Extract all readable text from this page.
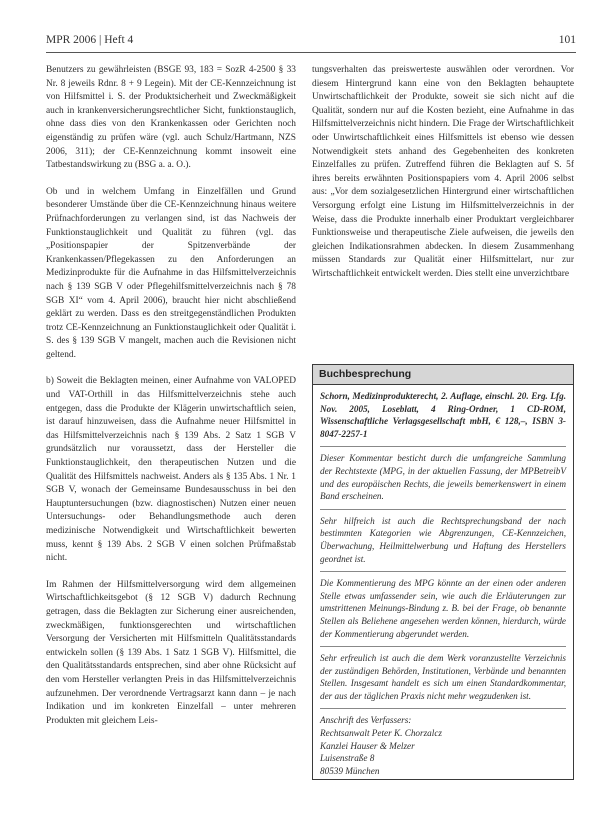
MPR 2006 | Heft 4	101

Benutzers zu gewährleisten (BSGE 93, 183 = SozR 4-2500 § 33 Nr. 8 jeweils Rdnr. 8 + 9 Legein). Mit der CE-Kennzeichnung ist von Hilfsmittel i. S. der Produktsicherheit und Zweckmäßigkeit auch in krankenversicherungsrechtlicher Sicht, funktionstauglich, ohne dass dies von den Krankenkassen oder Gerichten noch eigenständig zu prüfen wäre (vgl. auch Schulz/Hartmann, NZS 2006, 311); der CE-Kennzeichnung kommt insoweit eine Tatbestandswirkung zu (BSG a. a. O.).

Ob und in welchem Umfang in Einzelfällen und Grund besonderer Umstände über die CE-Kennzeichnung hinaus weitere Prüfnachforderungen zu verlangen sind, ist das Nachweis der Funktionstauglichkeit und Qualität zu führen (vgl. das „Positionspapier der Spitzenverbände der Krankenkassen/Pflegekassen zu den Anforderungen an Medizinprodukte für die Aufnahme in das Hilfsmittelverzeichnis nach § 139 SGB V oder Pflegehilfsmittelverzeichnis nach § 78 SGB XI“ vom 4. April 2006), braucht hier nicht abschließend geklärt zu werden. Dass es den streitgegenständlichen Produkten trotz CE-Kennzeichnung an Funktionstauglichkeit oder Qualität i. S. des § 139 SGB V mangelt, machen auch die Revisionen nicht geltend.

b) Soweit die Beklagten meinen, einer Aufnahme von VALOPED und VAT-Orthill in das Hilfsmittelverzeichnis stehe auch entgegen, dass die Produkte der Klägerin unwirtschaftlich seien, ist darauf hinzuweisen, dass die Aufnahme neuer Hilfsmittel in das Hilfsmittelverzeichnis nach § 139 Abs. 2 Satz 1 SGB V grundsätzlich nur voraussetzt, dass der Hersteller die Funktionstauglichkeit, den therapeutischen Nutzen und die Qualität des Hilfsmittels nachweist. Anders als § 135 Abs. 1 Nr. 1 SGB V, wonach der Gemeinsame Bundesausschuss in bei den Hauptuntersuchungen (bzw. diagnostischen) Nutzen einer neuen Untersuchungs- oder Behandlungsmethode auch deren medizinische Notwendigkeit und Wirtschaftlichkeit bewerten muss, kennt § 139 Abs. 2 SGB V einen solchen Prüfmaßstab nicht.

Im Rahmen der Hilfsmittelversorgung wird dem allgemeinen Wirtschaftlichkeitsgebot (§ 12 SGB V) dadurch Rechnung getragen, dass die Beklagten zur Sicherung einer ausreichenden, zweckmäßigen, funktionsgerechten und wirtschaftlichen Versorgung der Versicherten mit Hilfsmitteln Qualitätsstandards entwickeln sollen (§ 139 Abs. 1 Satz 1 SGB V). Hilfsmittel, die den Qualitätsstandards entsprechen, sind aber ohne Rücksicht auf den vom Hersteller verlangten Preis in das Hilfsmittelverzeichnis aufzunehmen. Der verordnende Vertragsarzt kann dann – je nach Indikation und im konkreten Einzelfall – unter mehreren Produkten mit gleichem Leis-

tungsverhalten das preiswerteste auswählen oder verordnen. Vor diesem Hintergrund kann eine von den Beklagten behauptete Unwirtschaftlichkeit der Produkte, soweit sie sich nicht auf die Qualität, sondern nur auf die Kosten bezieht, eine Aufnahme in das Hilfsmittelverzeichnis nicht hindern. Die Frage der Wirtschaftlichkeit oder Unwirtschaftlichkeit eines Hilfsmittels ist ebenso wie dessen Notwendigkeit stets anhand des Gegebenheiten des konkreten Einzelfalles zu prüfen. Zutreffend führen die Beklagten auf S. 5f ihres bereits erwähnten Positionspapiers vom 4. April 2006 selbst aus: „Vor dem sozialgesetzlichen Hintergrund einer wirtschaftlichen Versorgung erfolgt eine Listung im Hilfsmittelverzeichnis in der Weise, dass die Produkte innerhalb einer Produktart vergleichbarer Funktionsweise und therapeutische Ziele aufweisen, die jeweils den gleichen Indikationsrahmen abdecken. In diesem Zusammenhang müssen Standards zur Qualität einer Hilfsmittelart, nur zur Wirtschaftlichkeit entwickelt werden. Dies stellt eine unverzichtbare

Buchbesprechung

Schorn, Medizinprodukterecht, 2. Auflage, einschl. 20. Erg. Lfg. Nov. 2005, Loseblatt, 4 Ring-Ordner, 1 CD-ROM, Wissenschaftliche Verlagsgesellschaft mbH, € 128,–, ISBN 3-8047-2257-1

Dieser Kommentar besticht durch die umfangreiche Sammlung der Rechtstexte (MPG, in der aktuellen Fassung, der MPBetreibV und des europäischen Rechts, die jeweils bemerkenswert in einem Band erscheinen.

Sehr hilfreich ist auch die Rechtsprechungsband der nach bestimmten Kategorien wie Abgrenzungen, CE-Kennzeichen, Überwachung, Heilmittelwerbung und Haftung des Herstellers geordnet ist.

Die Kommentierung des MPG könnte an der einen oder anderen Stelle etwas umfassender sein, wie auch die Erläuterungen zur umstrittenen Meinungs-Bindung z. B. bei der Frage, ob benannte Stellen als Beliehene angesehen werden können, hierdurch, würde der Kommentierung abgerundet werden.

Sehr erfreulich ist auch die dem Werk voranzustellte Verzeichnis der zuständigen Behörden, Institutionen, Verbände und benannten Stellen. Insgesamt handelt es sich um einen Standardkommentar, der aus der täglichen Praxis nicht mehr wegzudenken ist.

Anschrift des Verfassers:
Rechtsanwalt Peter K. Chorzalcz
Kanzlei Hauser & Melzer
Luisenstraße 8
80539 München
